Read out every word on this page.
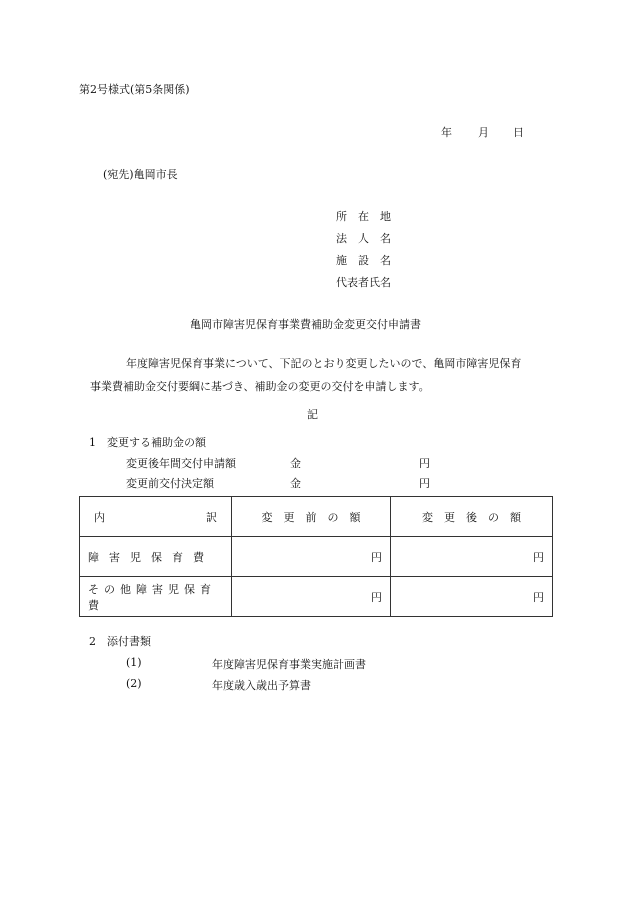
第2号様式(第5条関係)
年 月 日
(宛先)亀岡市長
所　在　地
法　人　名
施　設　名
代表者氏名
亀岡市障害児保育事業費補助金変更交付申請書
年度障害児保育事業について、下記のとおり変更したいので、亀岡市障害児保育
事業費補助金交付要綱に基づき、補助金の変更の交付を申請します。
記
1　変更する補助金の額
変更後年間交付申請額	金	円
変更前交付決定額	金	円
内 訳	変　更　前　の　額	変　更　後　の　額
障害児保育費	円	円
その他障害児保育費	円	円
2　添付書類
(1)	年度障害児保育事業実施計画書
(2)	年度歳入歳出予算書
